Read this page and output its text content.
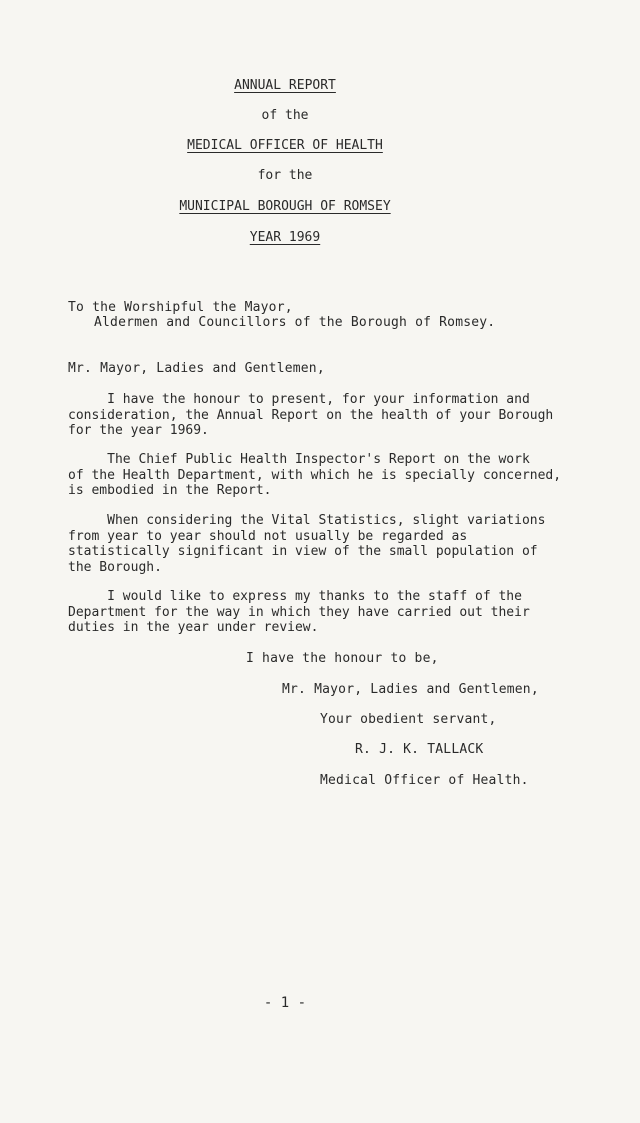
ANNUAL REPORT
of the
MEDICAL OFFICER OF HEALTH
for the
MUNICIPAL BOROUGH OF ROMSEY
YEAR 1969
To the Worshipful the Mayor,
Aldermen and Councillors of the Borough of Romsey.
Mr. Mayor, Ladies and Gentlemen,
I have the honour to present, for your information and
consideration, the Annual Report on the health of your Borough
for the year 1969.
The Chief Public Health Inspector's Report on the work
of the Health Department, with which he is specially concerned,
is embodied in the Report.
When considering the Vital Statistics, slight variations
from year to year should not usually be regarded as
statistically significant in view of the small population of
the Borough.
I would like to express my thanks to the staff of the
Department for the way in which they have carried out their
duties in the year under review.
I have the honour to be,
Mr. Mayor, Ladies and Gentlemen,
Your obedient servant,
R. J. K. TALLACK
Medical Officer of Health.
- 1 -
